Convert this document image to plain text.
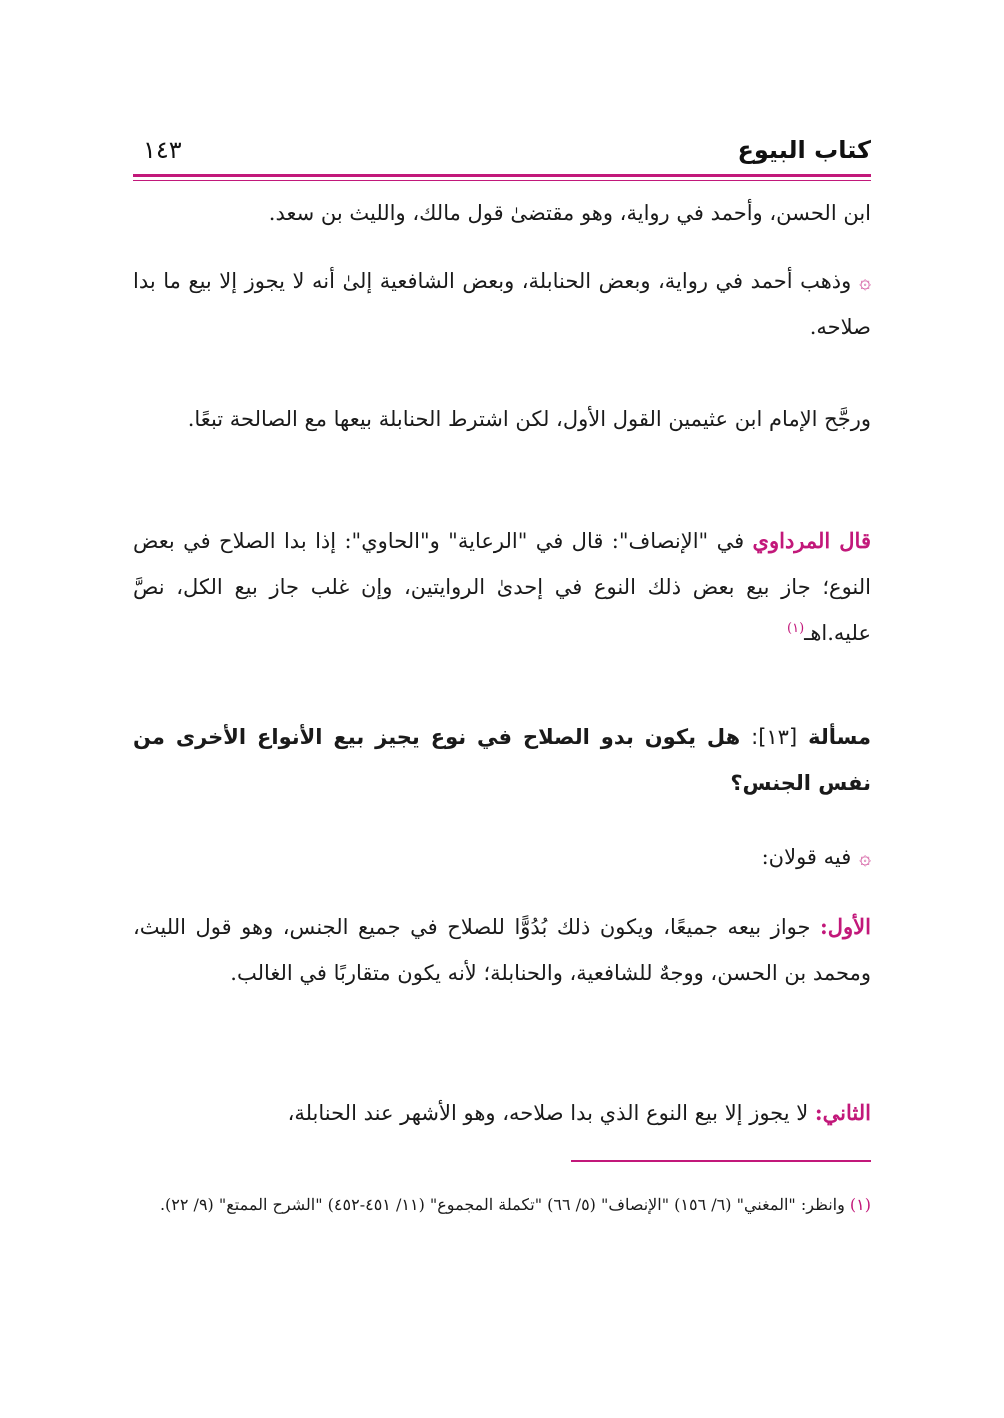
كتاب البيوع
١٤٣
ابن الحسن، وأحمد في رواية، وهو مقتضىٰ قول مالك، والليث بن سعد.
۞وذهب أحمد في رواية، وبعض الحنابلة، وبعض الشافعية إلىٰ أنه لا يجوز إلا بيع ما بدا صلاحه.
ورجَّح الإمام ابن عثيمين القول الأول، لكن اشترط الحنابلة بيعها مع الصالحة تبعًا.
قال المرداوي في "الإنصاف": قال في "الرعاية" و"الحاوي": إذا بدا الصلاح في بعض النوع؛ جاز بيع بعض ذلك النوع في إحدىٰ الروايتين، وإن غلب جاز بيع الكل، نصَّ عليه.اهـ$^{(١)}$
مسألة [١٣]: هل يكون بدو الصلاح في نوع يجيز بيع الأنواع الأخرى من نفس الجنس؟
۞فيه قولان:
الأول: جواز بيعه جميعًا، ويكون ذلك بُدُوًّا للصلاح في جميع الجنس، وهو قول الليث، ومحمد بن الحسن، ووجهٌ للشافعية، والحنابلة؛ لأنه يكون متقاربًا في الغالب.
الثاني: لا يجوز إلا بيع النوع الذي بدا صلاحه، وهو الأشهر عند الحنابلة،
(١) وانظر: "المغني" (٦/ ١٥٦) "الإنصاف" (٥/ ٦٦) "تكملة المجموع" (١١/ ٤٥١-٤٥٢) "الشرح الممتع" (٩/ ٢٢).
